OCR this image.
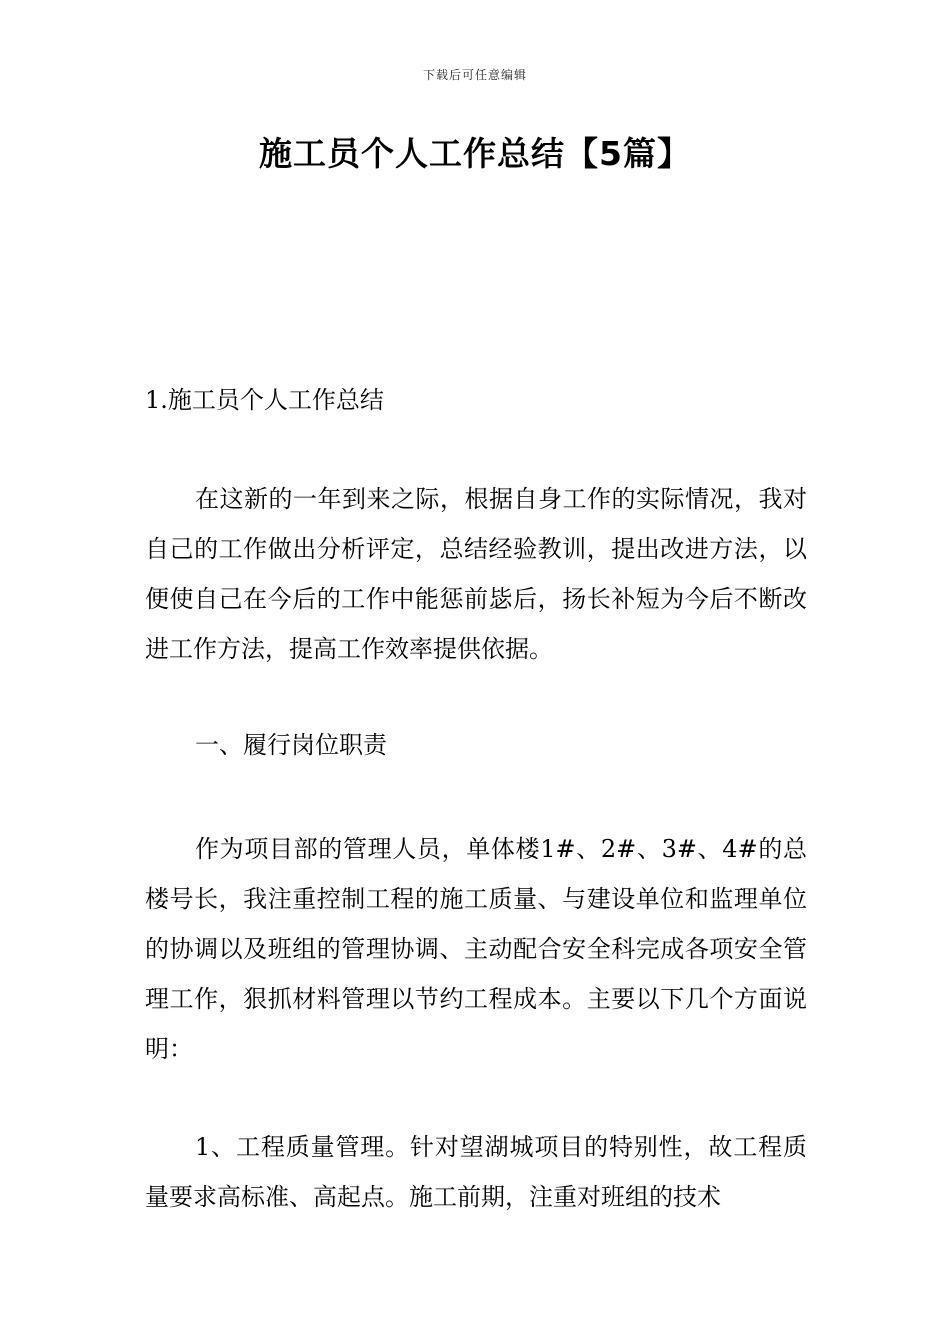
下载后可任意编辑
施工员个人工作总结【5篇】
1.施工员个人工作总结

在这新的一年到来之际，根据自身工作的实际情况，我对自己的工作做出分析评定，总结经验教训，提出改进方法，以便使自己在今后的工作中能惩前毖后，扬长补短为今后不断改进工作方法，提高工作效率提供依据。

一、履行岗位职责

作为项目部的管理人员，单体楼1#、2#、3#、4#的总楼号长，我注重控制工程的施工质量、与建设单位和监理单位的协调以及班组的管理协调、主动配合安全科完成各项安全管理工作，狠抓材料管理以节约工程成本。主要以下几个方面说明：

1、工程质量管理。针对望湖城项目的特别性，故工程质量要求高标准、高起点。施工前期，注重对班组的技术
